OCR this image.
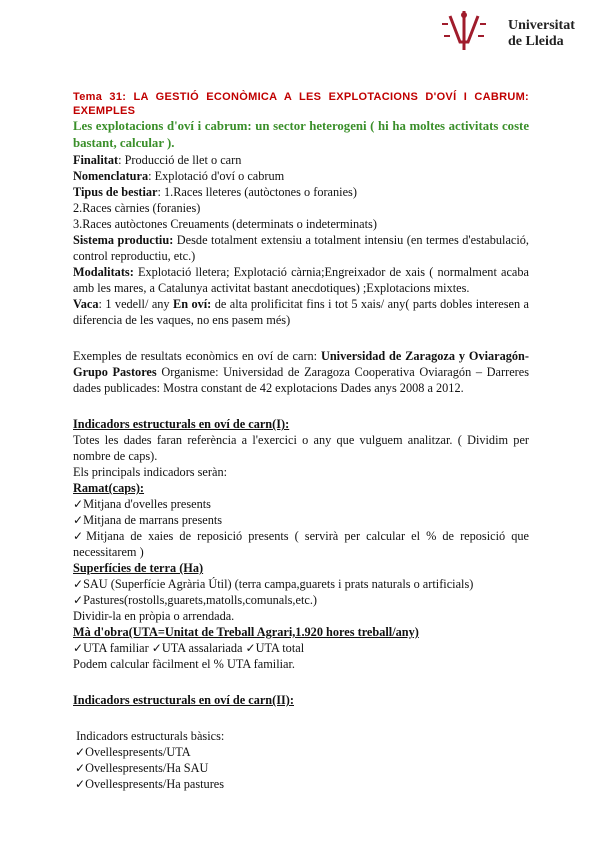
Universitat
de Lleida
Tema 31: LA GESTIÓ ECONÒMICA A LES EXPLOTACIONS D'OVÍ I CABRUM: EXEMPLES
Les explotacions d'oví i cabrum: un sector heterogeni ( hi ha moltes activitats coste bastant, calcular ).

Finalitat: Producció de llet o carn

Nomenclatura: Explotació d'oví o cabrum

Tipus de bestiar: 1.Races lleteres (autòctones o foranies)

2.Races càrnies (foranies)

3.Races autòctones Creuaments (determinats o indeterminats)

Sistema productiu: Desde totalment extensiu a totalment intensiu (en termes d'estabulació, control reproductiu, etc.)

Modalitats: Explotació lletera; Explotació càrnia;Engreixador de xais ( normalment acaba amb les mares, a Catalunya activitat bastant anecdotiques) ;Explotacions mixtes.

Vaca: 1 vedell/ any En oví: de alta prolificitat fins i tot 5 xais/ any( parts dobles interesen a diferencia de les vaques, no ens pasem més)

Exemples de resultats econòmics en oví de carn: Universidad de Zaragoza y Oviaragón-Grupo Pastores Organisme: Universidad de Zaragoza Cooperativa Oviaragón – Darreres dades publicades: Mostra constant de 42 explotacions Dades anys 2008 a 2012.

Indicadors estructurals en oví de carn(I):

Totes les dades faran referència a l'exercici o any que vulguem analitzar. ( Dividim per nombre de caps).

Els principals indicadors seràn:

Ramat(caps):

✓Mitjana d'ovelles presents

✓Mitjana de marrans presents

✓Mitjana de xaies de reposició presents ( servirà per calcular el % de reposició que necessitarem )

Superfícies de terra (Ha)

✓SAU (Superfície Agrària Útil) (terra campa,guarets i prats naturals o artificials)

✓Pastures(rostolls,guarets,matolls,comunals,etc.)

Dividir-la en pròpia o arrendada.

Mà d'obra(UTA=Unitat de Treball Agrari,1.920 hores treball/any)

✓UTA familiar ✓UTA assalariada ✓UTA total

Podem calcular fàcilment el % UTA familiar.

Indicadors estructurals en oví de carn(II):

Indicadors estructurals bàsics:

✓Ovellespresents/UTA

✓Ovellespresents/Ha SAU

✓Ovellespresents/Ha pastures
